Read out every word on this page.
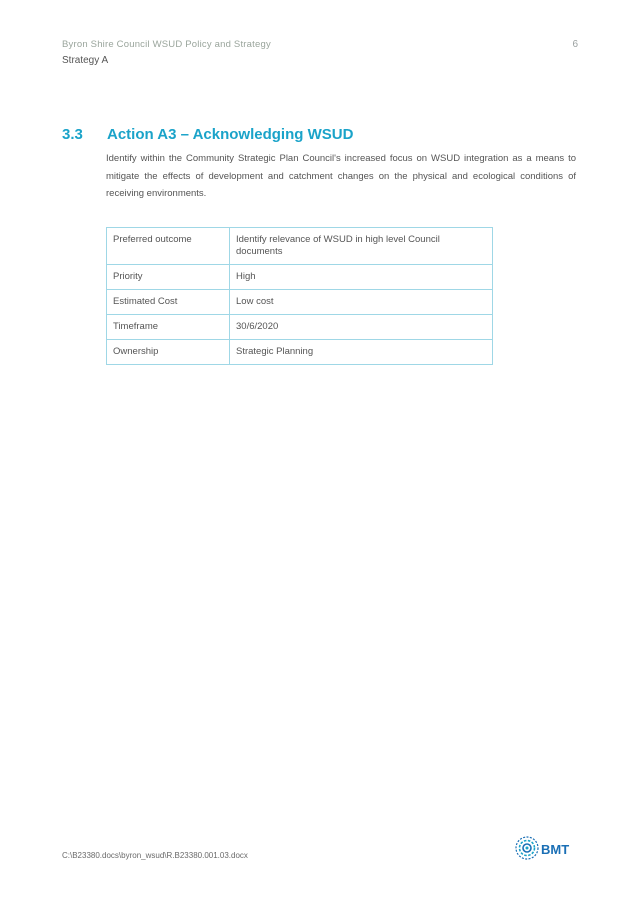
Byron Shire Council WSUD Policy and Strategy
Strategy A
6
3.3 Action A3 – Acknowledging WSUD

Identify within the Community Strategic Plan Council's increased focus on WSUD integration as a means to mitigate the effects of development and catchment changes on the physical and ecological conditions of receiving environments.

Preferred outcome	Identify relevance of WSUD in high level Council documents
Priority	High
Estimated Cost	Low cost
Timeframe	30/6/2020
Ownership	Strategic Planning
C:\B23380.docs\byron_wsud\R.B23380.001.03.docx	BMT
